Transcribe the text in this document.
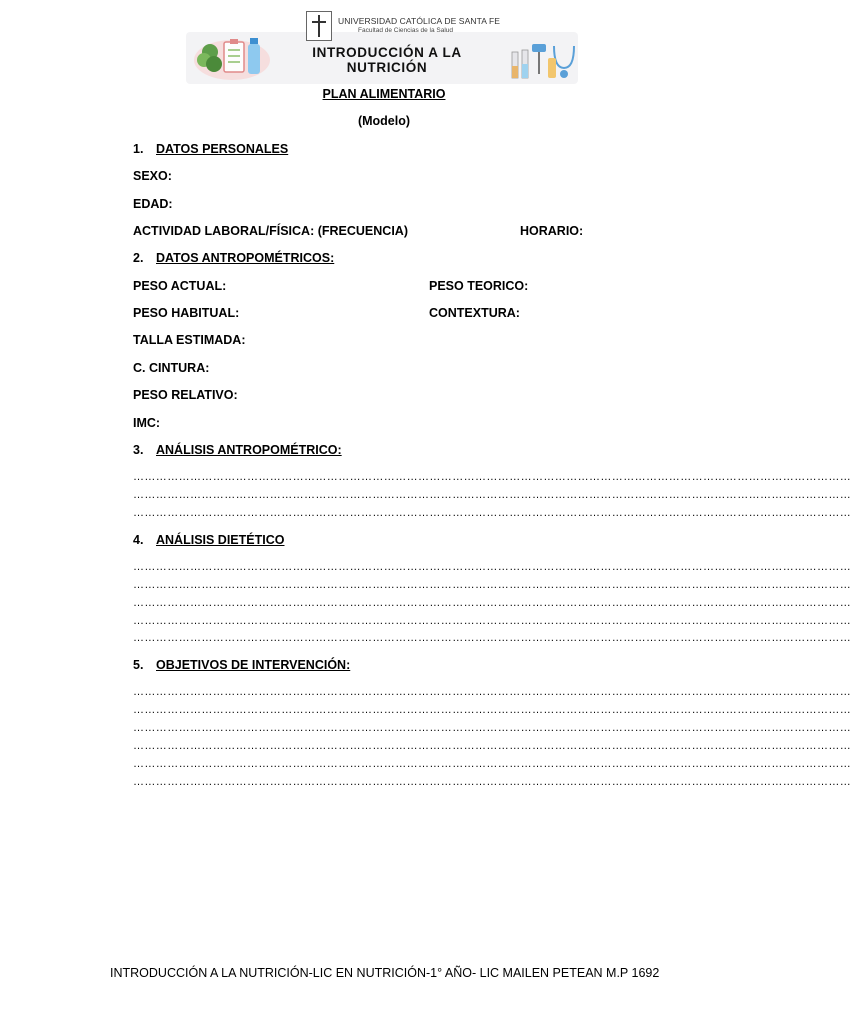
UNIVERSIDAD CATÓLICA DE SANTA FE
Facultad de Ciencias de la Salud
INTRODUCCIÓN A LA NUTRICIÓN
PLAN ALIMENTARIO
(Modelo)
1. DATOS PERSONALES
SEXO:
EDAD:
ACTIVIDAD LABORAL/FÍSICA: (FRECUENCIA)	HORARIO:
2. DATOS ANTROPOMÉTRICOS:
PESO ACTUAL:	PESO TEORICO:
PESO HABITUAL:	CONTEXTURA:
TALLA ESTIMADA:
C. CINTURA:
PESO RELATIVO:
IMC:
3. ANÁLISIS ANTROPOMÉTRICO:
………………………………………………………………………………………………………………………………………………………………………
………………………………………………………………………………………………………………………………………………………………………
………………………………………………………………………………………………………………………………………………………………………
4. ANÁLISIS DIETÉTICO
………………………………………………………………………………………………………………………………………………………………………
………………………………………………………………………………………………………………………………………………………………………
………………………………………………………………………………………………………………………………………………………………………
………………………………………………………………………………………………………………………………………………………………………
………………………………………………………………………………………………………………………………………………………………………
5. OBJETIVOS DE INTERVENCIÓN:
………………………………………………………………………………………………………………………………………………………………………
………………………………………………………………………………………………………………………………………………………………………
………………………………………………………………………………………………………………………………………………………………………
………………………………………………………………………………………………………………………………………………………………………
………………………………………………………………………………………………………………………………………………………………………
………………………………………………………………………………………………………………………………………………………………………
INTRODUCCIÓN A LA NUTRICIÓN-LIC EN NUTRICIÓN-1° AÑO- LIC MAILEN PETEAN M.P 1692
